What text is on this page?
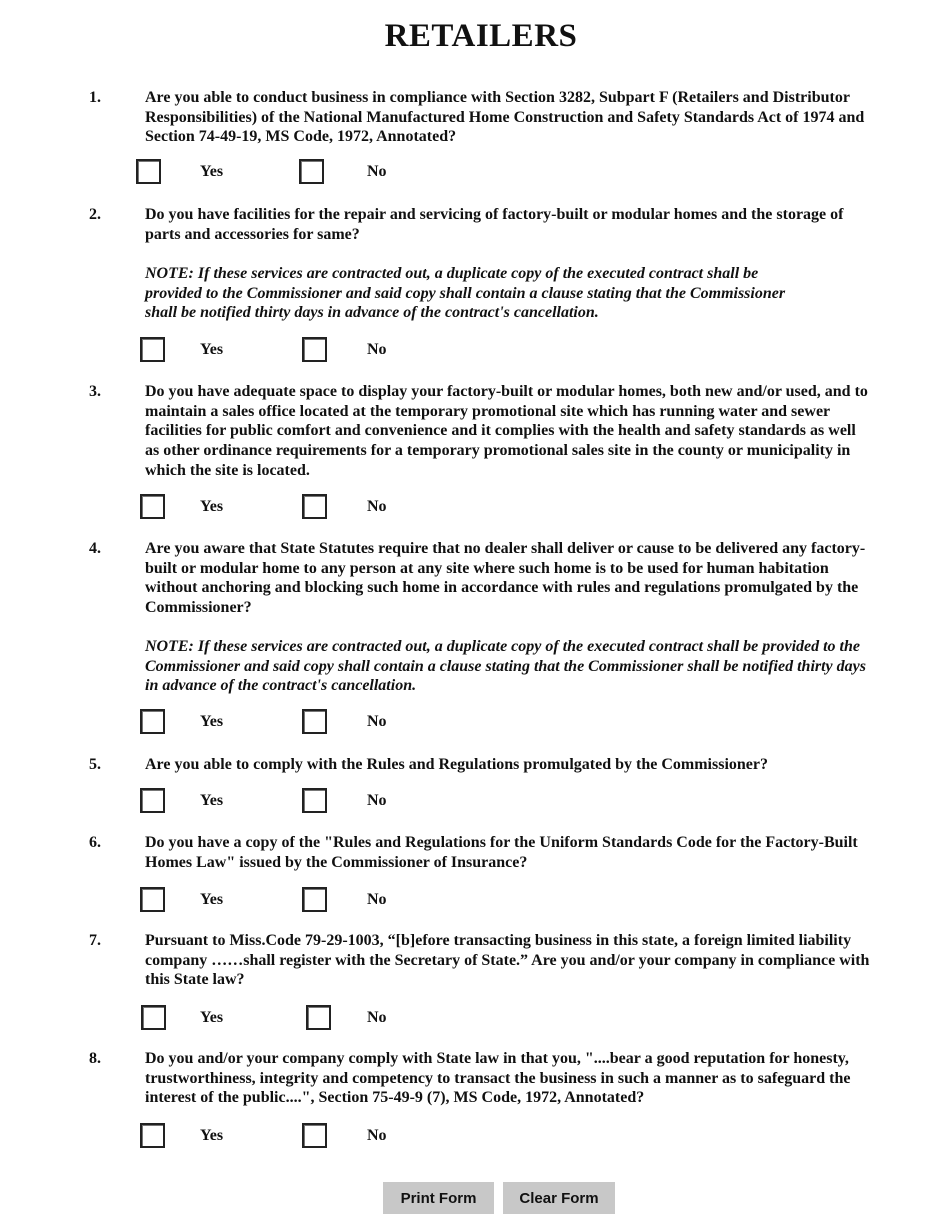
RETAILERS
1.	Are you able to conduct business in compliance with Section 3282, Subpart F (Retailers and Distributor Responsibilities) of the National Manufactured Home Construction and Safety Standards Act of 1974 and Section 74-49-19, MS Code, 1972, Annotated?
Yes	No
2.	Do you have facilities for the repair and servicing of factory-built or modular homes and the storage of parts and accessories for same?
NOTE: If these services are contracted out, a duplicate copy of the executed contract shall be provided to the Commissioner and said copy shall contain a clause stating that the Commissioner shall be notified thirty days in advance of the contract's cancellation.
Yes	No
3.	Do you have adequate space to display your factory-built or modular homes, both new and/or used, and to maintain a sales office located at the temporary promotional site which has running water and sewer facilities for public comfort and convenience and it complies with the health and safety standards as well as other ordinance requirements for a temporary promotional sales site in the county or municipality in which the site is located.
Yes	No
4.	Are you aware that State Statutes require that no dealer shall deliver or cause to be delivered any factory-built or modular home to any person at any site where such home is to be used for human habitation without anchoring and blocking such home in accordance with rules and regulations promulgated by the Commissioner?
NOTE: If these services are contracted out, a duplicate copy of the executed contract shall be provided to the Commissioner and said copy shall contain a clause stating that the Commissioner shall be notified thirty days in advance of the contract's cancellation.
Yes	No
5.	Are you able to comply with the Rules and Regulations promulgated by the Commissioner?
Yes	No
6.	Do you have a copy of the "Rules and Regulations for the Uniform Standards Code for the Factory-Built Homes Law" issued by the Commissioner of Insurance?
Yes	No
7.	Pursuant to Miss.Code 79-29-1003, “[b]efore transacting business in this state, a foreign limited liability company ……shall register with the Secretary of State.” Are you and/or your company in compliance with this State law?
Yes	No
8.	Do you and/or your company comply with State law in that you, "....bear a good reputation for honesty, trustworthiness, integrity and competency to transact the business in such a manner as to safeguard the interest of the public....", Section 75-49-9 (7), MS Code, 1972, Annotated?
Yes	No
Print Form	Clear Form
